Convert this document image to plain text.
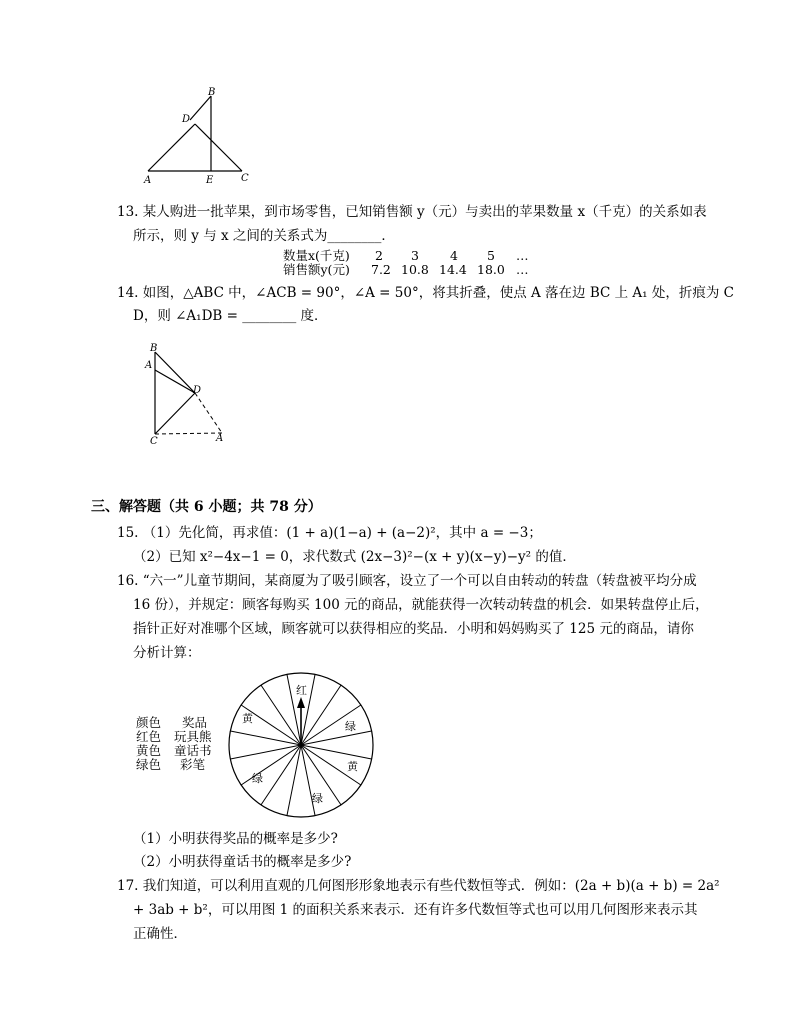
B
D
A	E	C
13. 某人购进一批苹果，到市场零售，已知销售额 y（元）与卖出的苹果数量 x（千克）的关系如表
所示，则 y 与 x 之间的关系式为________．
数量x(千克) 2 3 4 5 …
销售额y(元) 7.2 10.8 14.4 18.0 …
14. 如图，△ABC 中，∠ACB = 90°，∠A = 50°，将其折叠，使点 A 落在边 BC 上 A₁ 处，折痕为 C
D，则 ∠A₁DB = ________ 度．
B
A
D
C	A
三、解答题（共 6 小题；共 78 分）
15. （1）先化简，再求值：(1 + a)(1−a) + (a−2)²，其中 a = −3；
（2）已知 x²−4x−1 = 0，求代数式 (2x−3)²−(x + y)(x−y)−y² 的值．
16. “六一”儿童节期间，某商厦为了吸引顾客，设立了一个可以自由转动的转盘（转盘被平均分成
16 份），并规定：顾客每购买 100 元的商品，就能获得一次转动转盘的机会．如果转盘停止后，
指针正好对准哪个区域，顾客就可以获得相应的奖品．小明和妈妈购买了 125 元的商品，请你
分析计算：
颜色 奖品
红色 玩具熊
黄色 童话书
绿色 彩笔
红
黄
绿
黄
绿
绿
（1）小明获得奖品的概率是多少?
（2）小明获得童话书的概率是多少?
17. 我们知道，可以利用直观的几何图形形象地表示有些代数恒等式．例如：(2a + b)(a + b) = 2a²
+ 3ab + b²，可以用图 1 的面积关系来表示．还有许多代数恒等式也可以用几何图形来表示其
正确性．
